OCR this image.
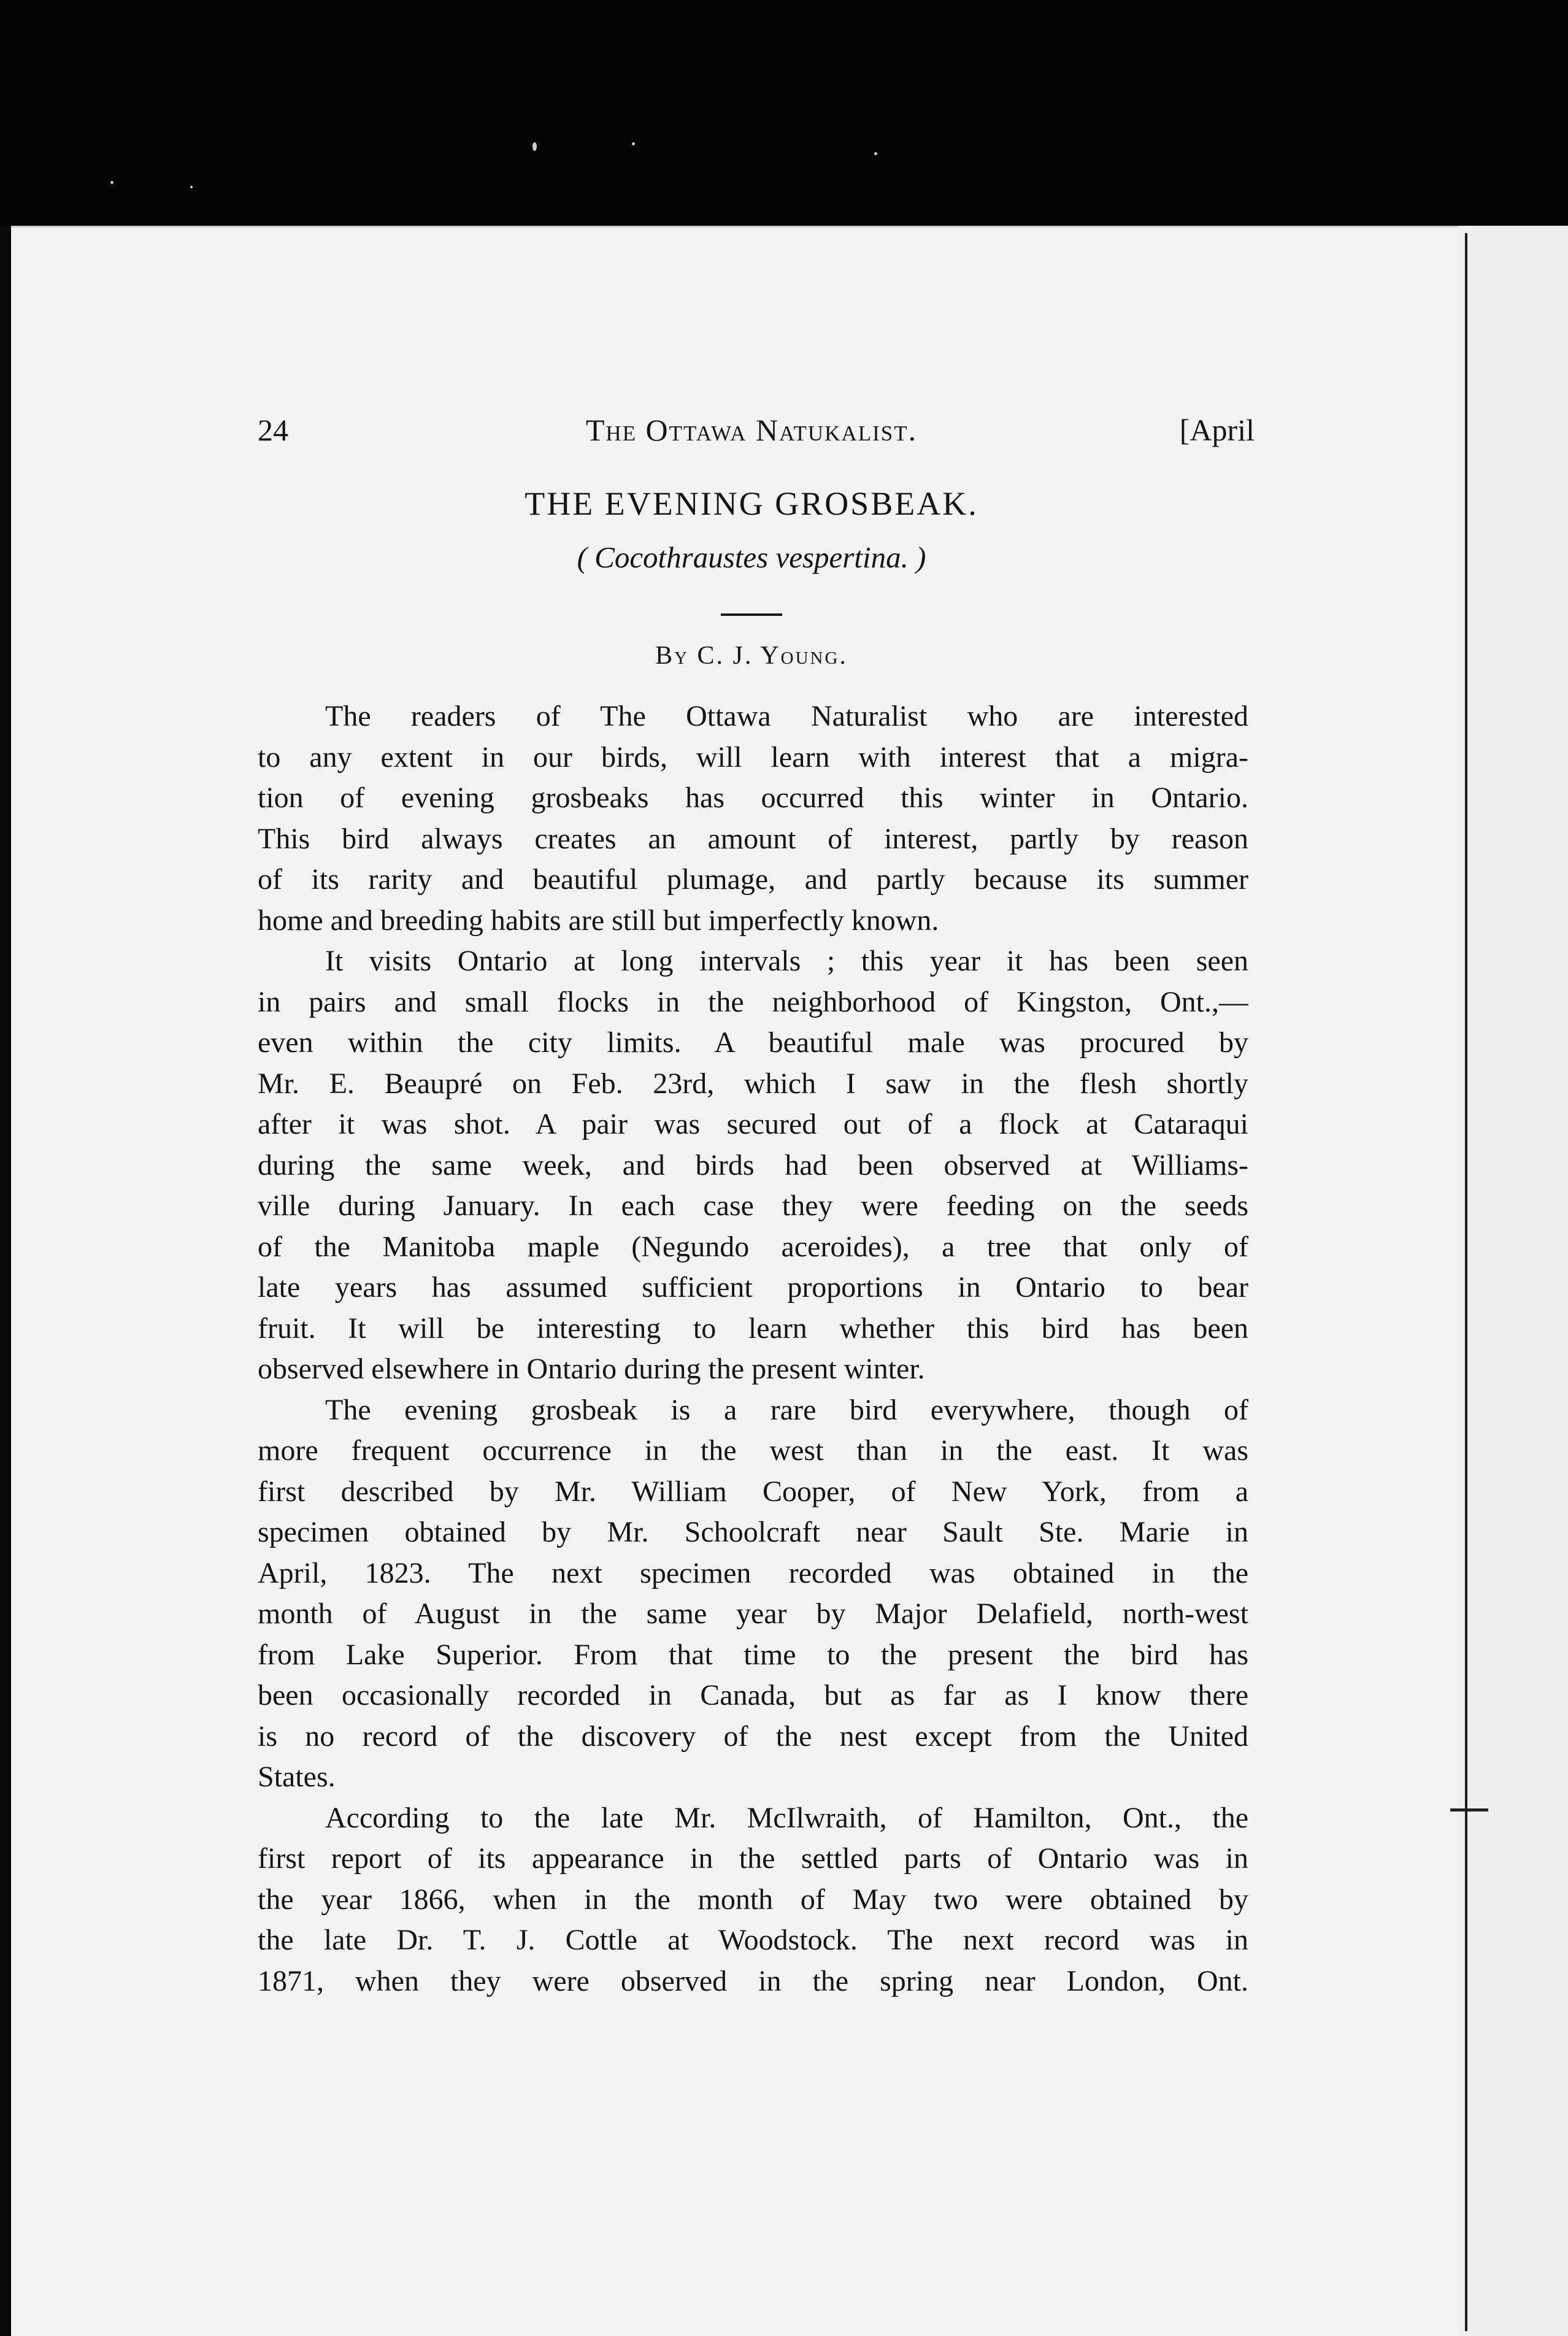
24	The Ottawa Natukalist.	[April
THE EVENING GROSBEAK.
( Cocothraustes vespertina. )
By C. J. Young.
The readers of The Ottawa Naturalist who are interested
to any extent in our birds, will learn with interest that a migra-
tion of evening grosbeaks has occurred this winter in Ontario.
This bird always creates an amount of interest, partly by reason
of its rarity and beautiful plumage, and partly because its summer
home and breeding habits are still but imperfectly known.
It visits Ontario at long intervals ; this year it has been seen
in pairs and small flocks in the neighborhood of Kingston, Ont.,—
even within the city limits. A beautiful male was procured by
Mr. E. Beaupré on Feb. 23rd, which I saw in the flesh shortly
after it was shot. A pair was secured out of a flock at Cataraqui
during the same week, and birds had been observed at Williams-
ville during January. In each case they were feeding on the seeds
of the Manitoba maple (Negundo aceroides), a tree that only of
late years has assumed sufficient proportions in Ontario to bear
fruit. It will be interesting to learn whether this bird has been
observed elsewhere in Ontario during the present winter.
The evening grosbeak is a rare bird everywhere, though of
more frequent occurrence in the west than in the east. It was
first described by Mr. William Cooper, of New York, from a
specimen obtained by Mr. Schoolcraft near Sault Ste. Marie in
April, 1823. The next specimen recorded was obtained in the
month of August in the same year by Major Delafield, north-west
from Lake Superior. From that time to the present the bird has
been occasionally recorded in Canada, but as far as I know there
is no record of the discovery of the nest except from the United
States.
According to the late Mr. McIlwraith, of Hamilton, Ont., the
first report of its appearance in the settled parts of Ontario was in
the year 1866, when in the month of May two were obtained by
the late Dr. T. J. Cottle at Woodstock. The next record was in
1871, when they were observed in the spring near London, Ont.
